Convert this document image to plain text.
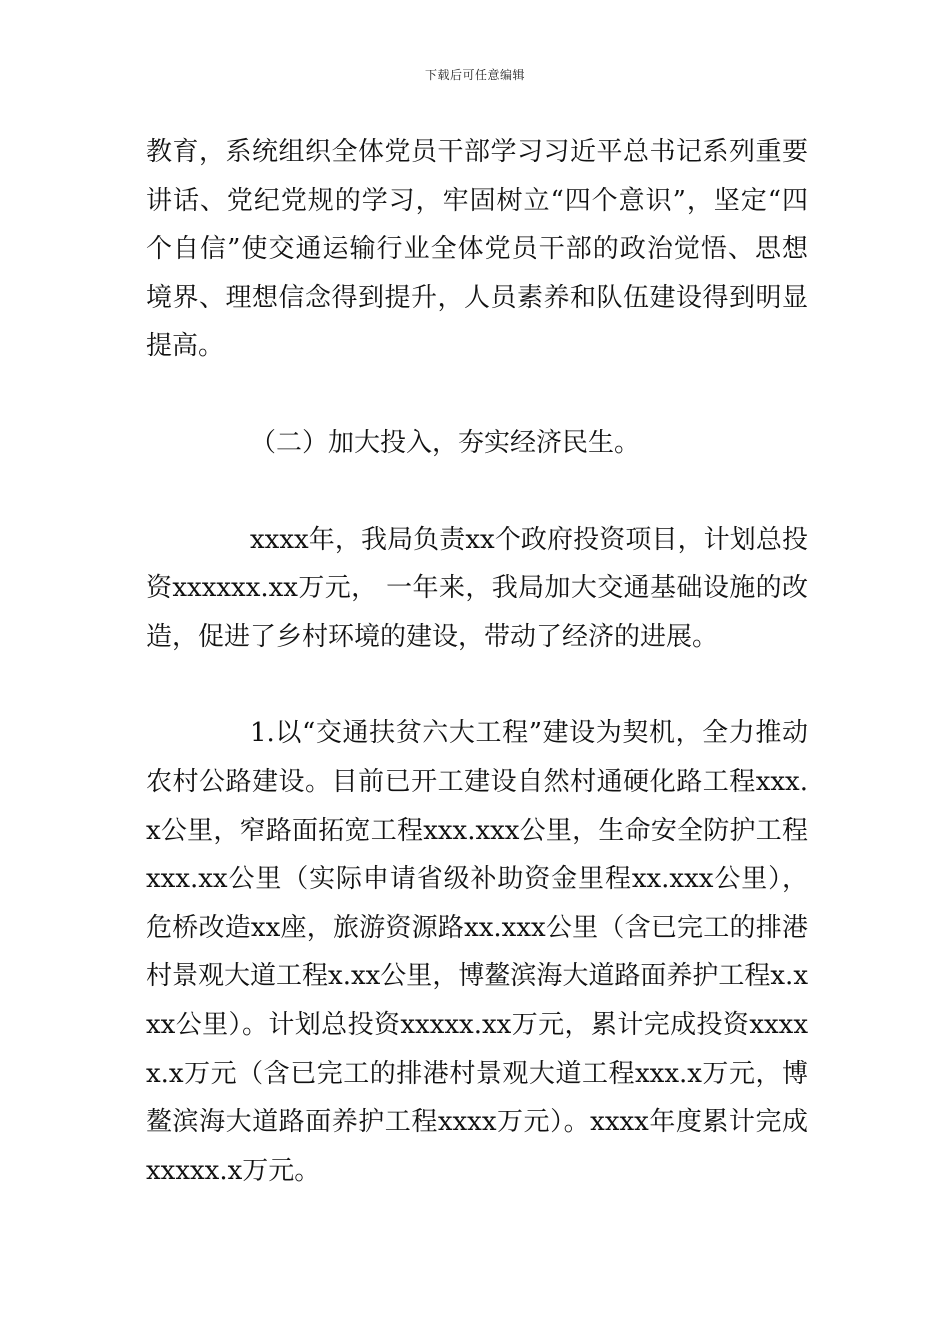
下载后可任意编辑

教育，系统组织全体党员干部学习习近平总书记系列重要讲话、党纪党规的学习，牢固树立“四个意识”，坚定“四个自信”使交通运输行业全体党员干部的政治觉悟、思想境界、理想信念得到提升，人员素养和队伍建设得到明显提高。

（二）加大投入，夯实经济民生。

xxxx年，我局负责xx个政府投资项目，计划总投资xxxxxx.xx万元， 一年来，我局加大交通基础设施的改造，促进了乡村环境的建设，带动了经济的进展。

1.以“交通扶贫六大工程”建设为契机，全力推动农村公路建设。目前已开工建设自然村通硬化路工程xxx.x公里，窄路面拓宽工程xxx.xxx公里，生命安全防护工程xxx.xx公里（实际申请省级补助资金里程xx.xxx公里），危桥改造xx座，旅游资源路xx.xxx公里（含已完工的排港村景观大道工程x.xx公里，博鳌滨海大道路面养护工程x.xxx公里）。计划总投资xxxxx.xx万元，累计完成投资xxxxx.x万元（含已完工的排港村景观大道工程xxx.x万元，博鳌滨海大道路面养护工程xxxx万元）。xxxx年度累计完成xxxxx.x万元。
